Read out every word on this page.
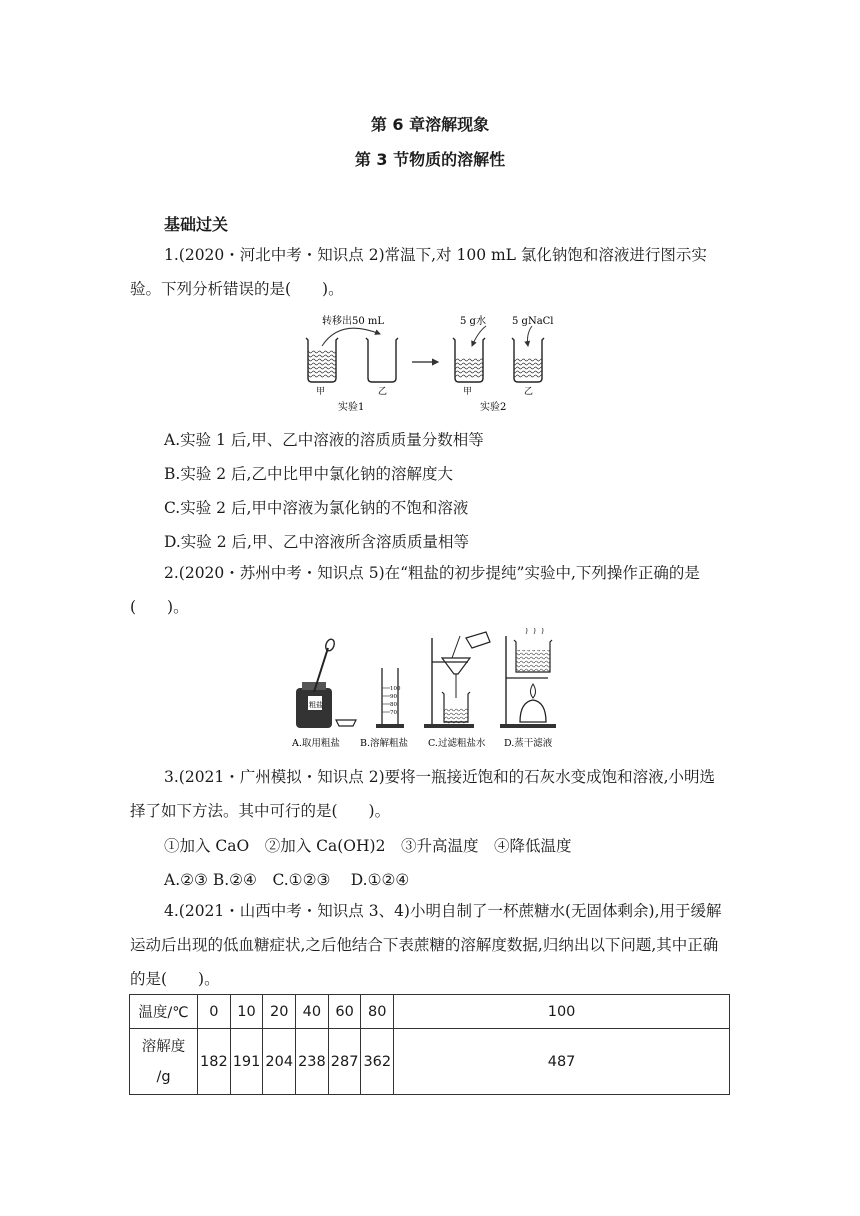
第 6 章溶解现象
第 3 节物质的溶解性
基础过关
1.(2020・河北中考・知识点 2)常温下,对 100 mL 氯化钠饱和溶液进行图示实验。下列分析错误的是(　　)。
转移出50 mL
甲	乙
实验1
5 g水	5 gNaCl
甲	乙
实验2
A.实验 1 后,甲、乙中溶液的溶质质量分数相等
B.实验 2 后,乙中比甲中氯化钠的溶解度大
C.实验 2 后,甲中溶液为氯化钠的不饱和溶液
D.实验 2 后,甲、乙中溶液所含溶质质量相等
2.(2020・苏州中考・知识点 5)在“粗盐的初步提纯”实验中,下列操作正确的是(　　)。
粗盐
100
90
80
70
A.取用粗盐 B.溶解粗盐 C.过滤粗盐水 D.蒸干滤液
3.(2021・广州模拟・知识点 2)要将一瓶接近饱和的石灰水变成饱和溶液,小明选择了如下方法。其中可行的是(　　)。
①加入 CaO　②加入 Ca(OH)2　③升高温度　④降低温度
A.②③ B.②④　C.①②③　 D.①②④
4.(2021・山西中考・知识点 3、4)小明自制了一杯蔗糖水(无固体剩余),用于缓解运动后出现的低血糖症状,之后他结合下表蔗糖的溶解度数据,归纳出以下问题,其中正确的是(　　)。
温度/℃	0	10	20	40	60	80	100
溶解度
/g	182	191	204	238	287	362	487
